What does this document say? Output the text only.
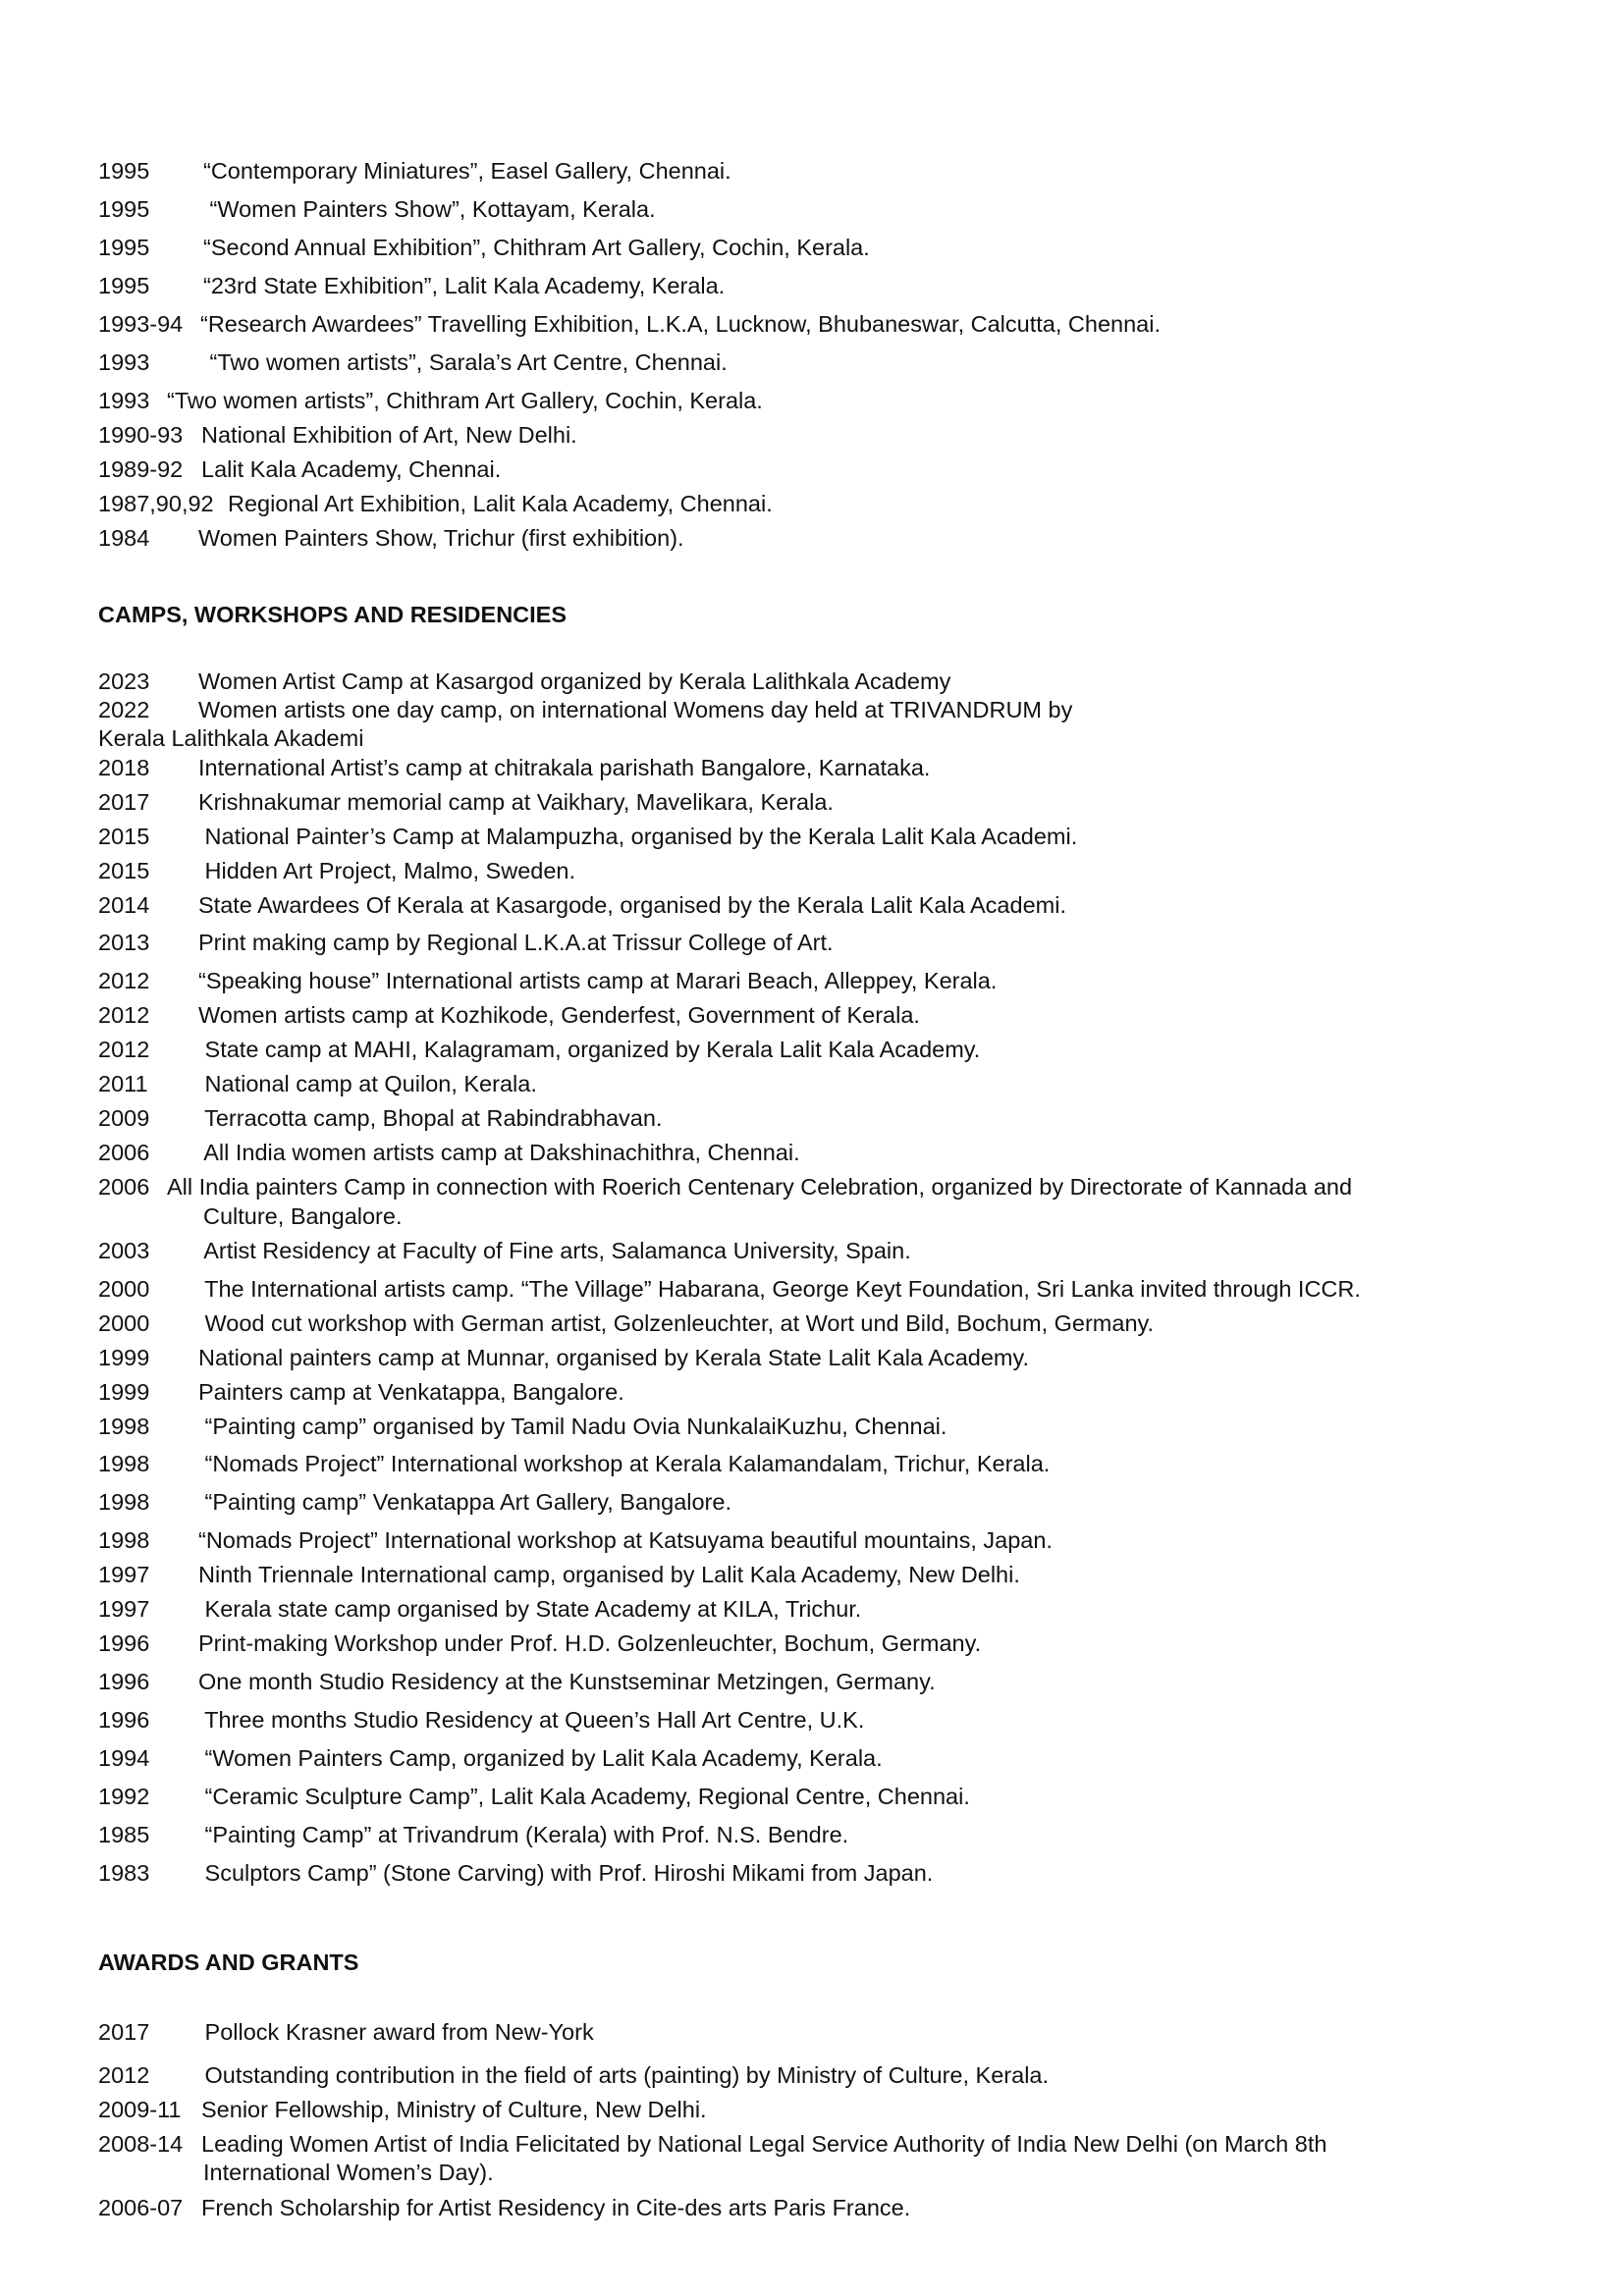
1995 “Contemporary Miniatures”, Easel Gallery, Chennai.
1995 “Women Painters Show”, Kottayam, Kerala.
1995 “Second Annual Exhibition”, Chithram Art Gallery, Cochin, Kerala.
1995 “23rd State Exhibition”, Lalit Kala Academy, Kerala.
1993-94 “Research Awardees” Travelling Exhibition, L.K.A, Lucknow, Bhubaneswar, Calcutta, Chennai.
1993 “Two women artists”, Sarala’s Art Centre, Chennai.
1993 “Two women artists”, Chithram Art Gallery, Cochin, Kerala.
1990-93 National Exhibition of Art, New Delhi.
1989-92 Lalit Kala Academy, Chennai.
1987,90,92 Regional Art Exhibition, Lalit Kala Academy, Chennai.
1984 Women Painters Show, Trichur (first exhibition).
CAMPS, WORKSHOPS AND RESIDENCIES
2023 Women Artist Camp at Kasargod organized by Kerala Lalithkala Academy
2022 Women artists one day camp, on international Womens day held at TRIVANDRUM by
Kerala Lalithkala Akademi
2018 International Artist’s camp at chitrakala parishath Bangalore, Karnataka.
2017 Krishnakumar memorial camp at Vaikhary, Mavelikara, Kerala.
2015 National Painter’s Camp at Malampuzha, organised by the Kerala Lalit Kala Academi.
2015 Hidden Art Project, Malmo, Sweden.
2014 State Awardees Of Kerala at Kasargode, organised by the Kerala Lalit Kala Academi.
2013 Print making camp by Regional L.K.A.at Trissur College of Art.
2012 “Speaking house” International artists camp at Marari Beach, Alleppey, Kerala.
2012 Women artists camp at Kozhikode, Genderfest, Government of Kerala.
2012 State camp at MAHI, Kalagramam, organized by Kerala Lalit Kala Academy.
2011 National camp at Quilon, Kerala.
2009 Terracotta camp, Bhopal at Rabindrabhavan.
2006 All India women artists camp at Dakshinachithra, Chennai.
2006 All India painters Camp in connection with Roerich Centenary Celebration, organized by Directorate of Kannada and
Culture, Bangalore.
2003 Artist Residency at Faculty of Fine arts, Salamanca University, Spain.
2000 The International artists camp. “The Village” Habarana, George Keyt Foundation, Sri Lanka invited through ICCR.
2000 Wood cut workshop with German artist, Golzenleuchter, at Wort und Bild, Bochum, Germany.
1999 National painters camp at Munnar, organised by Kerala State Lalit Kala Academy.
1999 Painters camp at Venkatappa, Bangalore.
1998 “Painting camp” organised by Tamil Nadu Ovia NunkalaiKuzhu, Chennai.
1998 “Nomads Project” International workshop at Kerala Kalamandalam, Trichur, Kerala.
1998 “Painting camp” Venkatappa Art Gallery, Bangalore.
1998 “Nomads Project” International workshop at Katsuyama beautiful mountains, Japan.
1997 Ninth Triennale International camp, organised by Lalit Kala Academy, New Delhi.
1997 Kerala state camp organised by State Academy at KILA, Trichur.
1996 Print-making Workshop under Prof. H.D. Golzenleuchter, Bochum, Germany.
1996 One month Studio Residency at the Kunstseminar Metzingen, Germany.
1996 Three months Studio Residency at Queen’s Hall Art Centre, U.K.
1994 “Women Painters Camp, organized by Lalit Kala Academy, Kerala.
1992 “Ceramic Sculpture Camp”, Lalit Kala Academy, Regional Centre, Chennai.
1985 “Painting Camp” at Trivandrum (Kerala) with Prof. N.S. Bendre.
1983 Sculptors Camp” (Stone Carving) with Prof. Hiroshi Mikami from Japan.
AWARDS AND GRANTS
2017 Pollock Krasner award from New-York
2012 Outstanding contribution in the field of arts (painting) by Ministry of Culture, Kerala.
2009-11 Senior Fellowship, Ministry of Culture, New Delhi.
2008-14 Leading Women Artist of India Felicitated by National Legal Service Authority of India New Delhi (on March 8th
International Women’s Day).
2006-07 French Scholarship for Artist Residency in Cite-des arts Paris France.
